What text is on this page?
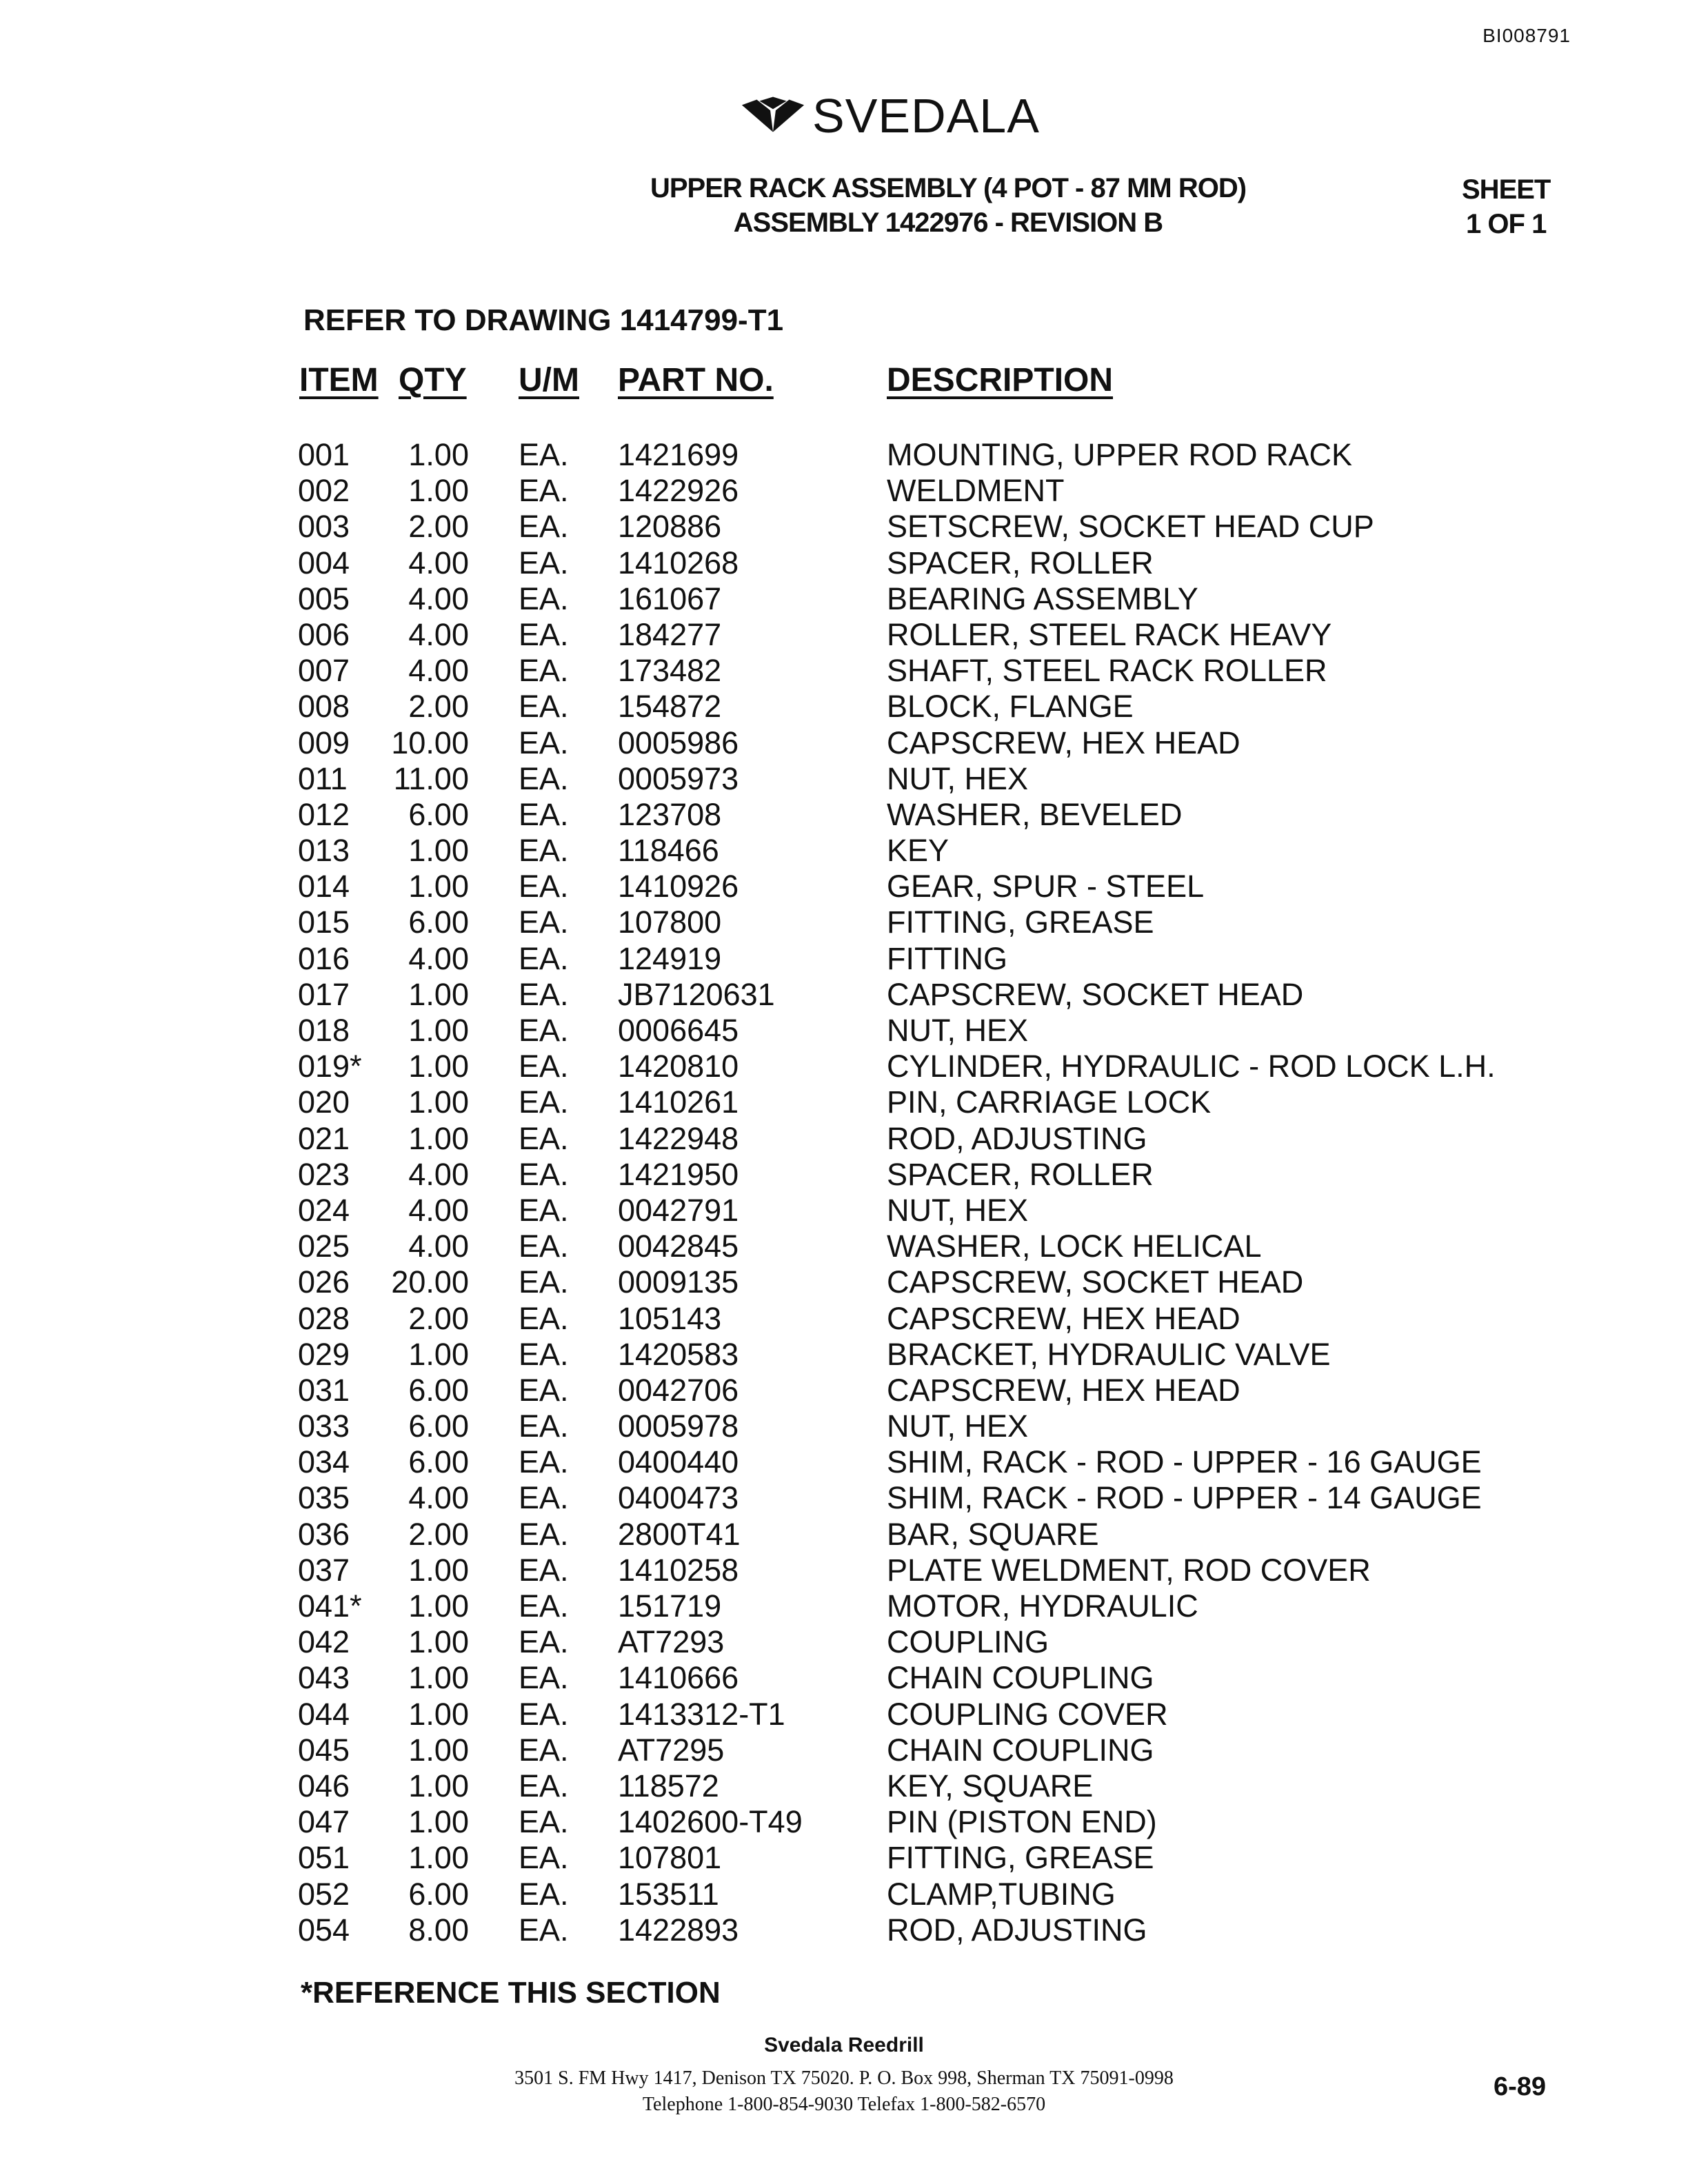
BI008791
SVEDALA
UPPER RACK ASSEMBLY (4 POT - 87 MM ROD)
ASSEMBLY 1422976 - REVISION B
SHEET
1 OF 1
REFER TO DRAWING 1414799-T1
ITEM QTY U/M PART NO.	DESCRIPTION
001	1.00 EA. 1421699	MOUNTING, UPPER ROD RACK
002	1.00 EA. 1422926	WELDMENT
003	2.00 EA. 120886	SETSCREW, SOCKET HEAD CUP
004	4.00 EA. 1410268	SPACER, ROLLER
005	4.00 EA. 161067	BEARING ASSEMBLY
006	4.00 EA. 184277	ROLLER, STEEL RACK HEAVY
007	4.00 EA. 173482	SHAFT, STEEL RACK ROLLER
008	2.00 EA. 154872	BLOCK, FLANGE
009	10.00 EA. 0005986	CAPSCREW, HEX HEAD
011	11.00 EA. 0005973	NUT, HEX
012	6.00 EA. 123708	WASHER, BEVELED
013	1.00 EA. 118466	KEY
014	1.00 EA. 1410926	GEAR, SPUR - STEEL
015	6.00 EA. 107800	FITTING, GREASE
016	4.00 EA. 124919	FITTING
017	1.00 EA. JB7120631	CAPSCREW, SOCKET HEAD
018	1.00 EA. 0006645	NUT, HEX
019*	1.00 EA. 1420810	CYLINDER, HYDRAULIC - ROD LOCK L.H.
020	1.00 EA. 1410261	PIN, CARRIAGE LOCK
021	1.00 EA. 1422948	ROD, ADJUSTING
023	4.00 EA. 1421950	SPACER, ROLLER
024	4.00 EA. 0042791	NUT, HEX
025	4.00 EA. 0042845	WASHER, LOCK HELICAL
026	20.00 EA. 0009135	CAPSCREW, SOCKET HEAD
028	2.00 EA. 105143	CAPSCREW, HEX HEAD
029	1.00 EA. 1420583	BRACKET, HYDRAULIC VALVE
031	6.00 EA. 0042706	CAPSCREW, HEX HEAD
033	6.00 EA. 0005978	NUT, HEX
034	6.00 EA. 0400440	SHIM, RACK - ROD - UPPER - 16 GAUGE
035	4.00 EA. 0400473	SHIM, RACK - ROD - UPPER - 14 GAUGE
036	2.00 EA. 2800T41	BAR, SQUARE
037	1.00 EA. 1410258	PLATE WELDMENT, ROD COVER
041*	1.00 EA. 151719	MOTOR, HYDRAULIC
042	1.00 EA. AT7293	COUPLING
043	1.00 EA. 1410666	CHAIN COUPLING
044	1.00 EA. 1413312-T1	COUPLING COVER
045	1.00 EA. AT7295	CHAIN COUPLING
046	1.00 EA. 118572	KEY, SQUARE
047	1.00 EA. 1402600-T49	PIN (PISTON END)
051	1.00 EA. 107801	FITTING, GREASE
052	6.00 EA. 153511	CLAMP,TUBING
054	8.00 EA. 1422893	ROD, ADJUSTING
*REFERENCE THIS SECTION
Svedala Reedrill
3501 S. FM Hwy 1417, Denison TX 75020. P. O. Box 998, Sherman TX 75091-0998
Telephone 1-800-854-9030 Telefax 1-800-582-6570
6-89
